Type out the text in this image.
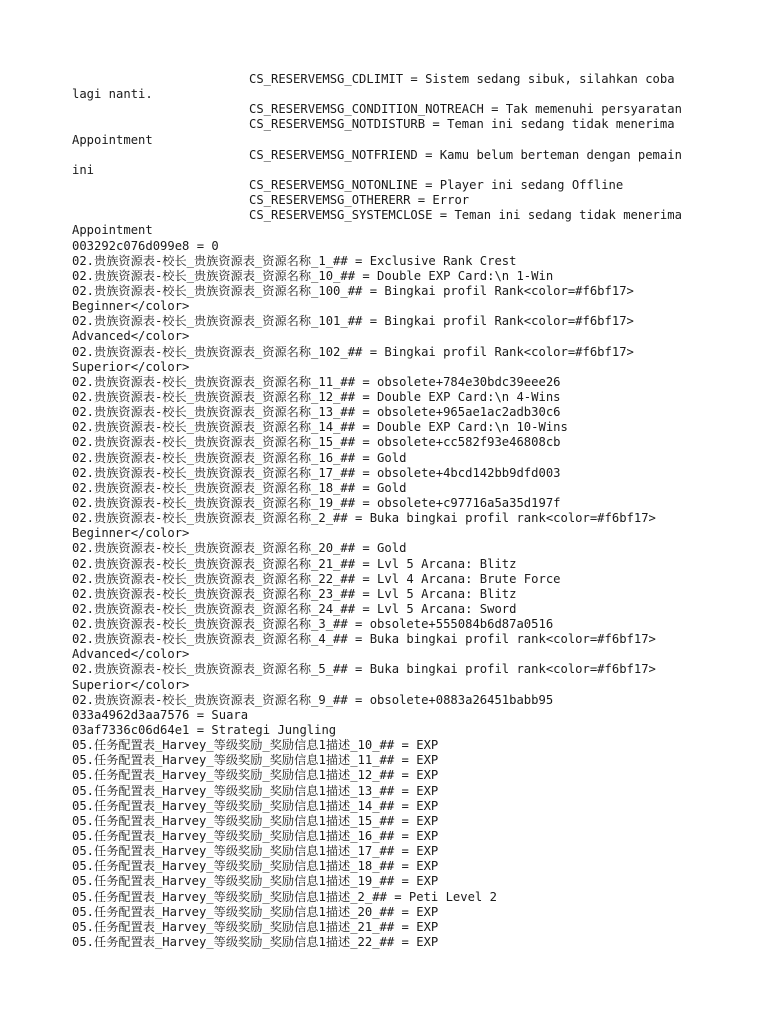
CS_RESERVEMSG_CDLIMIT = Sistem sedang sibuk, silahkan coba
lagi nanti.
CS_RESERVEMSG_CONDITION_NOTREACH = Tak memenuhi persyaratan
CS_RESERVEMSG_NOTDISTURB = Teman ini sedang tidak menerima
Appointment
CS_RESERVEMSG_NOTFRIEND = Kamu belum berteman dengan pemain
ini
CS_RESERVEMSG_NOTONLINE = Player ini sedang Offline
CS_RESERVEMSG_OTHERERR = Error
CS_RESERVEMSG_SYSTEMCLOSE = Teman ini sedang tidak menerima
Appointment
003292c076d099e8 = 0
02.贵族资源表-校长_贵族资源表_资源名称_1_## = Exclusive Rank Crest
02.贵族资源表-校长_贵族资源表_资源名称_10_## = Double EXP Card:\n 1-Win
02.贵族资源表-校长_贵族资源表_资源名称_100_## = Bingkai profil Rank<color=#f6bf17>
Beginner</color>
02.贵族资源表-校长_贵族资源表_资源名称_101_## = Bingkai profil Rank<color=#f6bf17>
Advanced</color>
02.贵族资源表-校长_贵族资源表_资源名称_102_## = Bingkai profil Rank<color=#f6bf17>
Superior</color>
02.贵族资源表-校长_贵族资源表_资源名称_11_## = obsolete+784e30bdc39eee26
02.贵族资源表-校长_贵族资源表_资源名称_12_## = Double EXP Card:\n 4-Wins
02.贵族资源表-校长_贵族资源表_资源名称_13_## = obsolete+965ae1ac2adb30c6
02.贵族资源表-校长_贵族资源表_资源名称_14_## = Double EXP Card:\n 10-Wins
02.贵族资源表-校长_贵族资源表_资源名称_15_## = obsolete+cc582f93e46808cb
02.贵族资源表-校长_贵族资源表_资源名称_16_## = Gold
02.贵族资源表-校长_贵族资源表_资源名称_17_## = obsolete+4bcd142bb9dfd003
02.贵族资源表-校长_贵族资源表_资源名称_18_## = Gold
02.贵族资源表-校长_贵族资源表_资源名称_19_## = obsolete+c97716a5a35d197f
02.贵族资源表-校长_贵族资源表_资源名称_2_## = Buka bingkai profil rank<color=#f6bf17>
Beginner</color>
02.贵族资源表-校长_贵族资源表_资源名称_20_## = Gold
02.贵族资源表-校长_贵族资源表_资源名称_21_## = Lvl 5 Arcana: Blitz
02.贵族资源表-校长_贵族资源表_资源名称_22_## = Lvl 4 Arcana: Brute Force
02.贵族资源表-校长_贵族资源表_资源名称_23_## = Lvl 5 Arcana: Blitz
02.贵族资源表-校长_贵族资源表_资源名称_24_## = Lvl 5 Arcana: Sword
02.贵族资源表-校长_贵族资源表_资源名称_3_## = obsolete+555084b6d87a0516
02.贵族资源表-校长_贵族资源表_资源名称_4_## = Buka bingkai profil rank<color=#f6bf17>
Advanced</color>
02.贵族资源表-校长_贵族资源表_资源名称_5_## = Buka bingkai profil rank<color=#f6bf17>
Superior</color>
02.贵族资源表-校长_贵族资源表_资源名称_9_## = obsolete+0883a26451babb95
033a4962d3aa7576 = Suara
03af7336c06d64e1 = Strategi Jungling
05.任务配置表_Harvey_等级奖励_奖励信息1描述_10_## = EXP
05.任务配置表_Harvey_等级奖励_奖励信息1描述_11_## = EXP
05.任务配置表_Harvey_等级奖励_奖励信息1描述_12_## = EXP
05.任务配置表_Harvey_等级奖励_奖励信息1描述_13_## = EXP
05.任务配置表_Harvey_等级奖励_奖励信息1描述_14_## = EXP
05.任务配置表_Harvey_等级奖励_奖励信息1描述_15_## = EXP
05.任务配置表_Harvey_等级奖励_奖励信息1描述_16_## = EXP
05.任务配置表_Harvey_等级奖励_奖励信息1描述_17_## = EXP
05.任务配置表_Harvey_等级奖励_奖励信息1描述_18_## = EXP
05.任务配置表_Harvey_等级奖励_奖励信息1描述_19_## = EXP
05.任务配置表_Harvey_等级奖励_奖励信息1描述_2_## = Peti Level 2
05.任务配置表_Harvey_等级奖励_奖励信息1描述_20_## = EXP
05.任务配置表_Harvey_等级奖励_奖励信息1描述_21_## = EXP
05.任务配置表_Harvey_等级奖励_奖励信息1描述_22_## = EXP
